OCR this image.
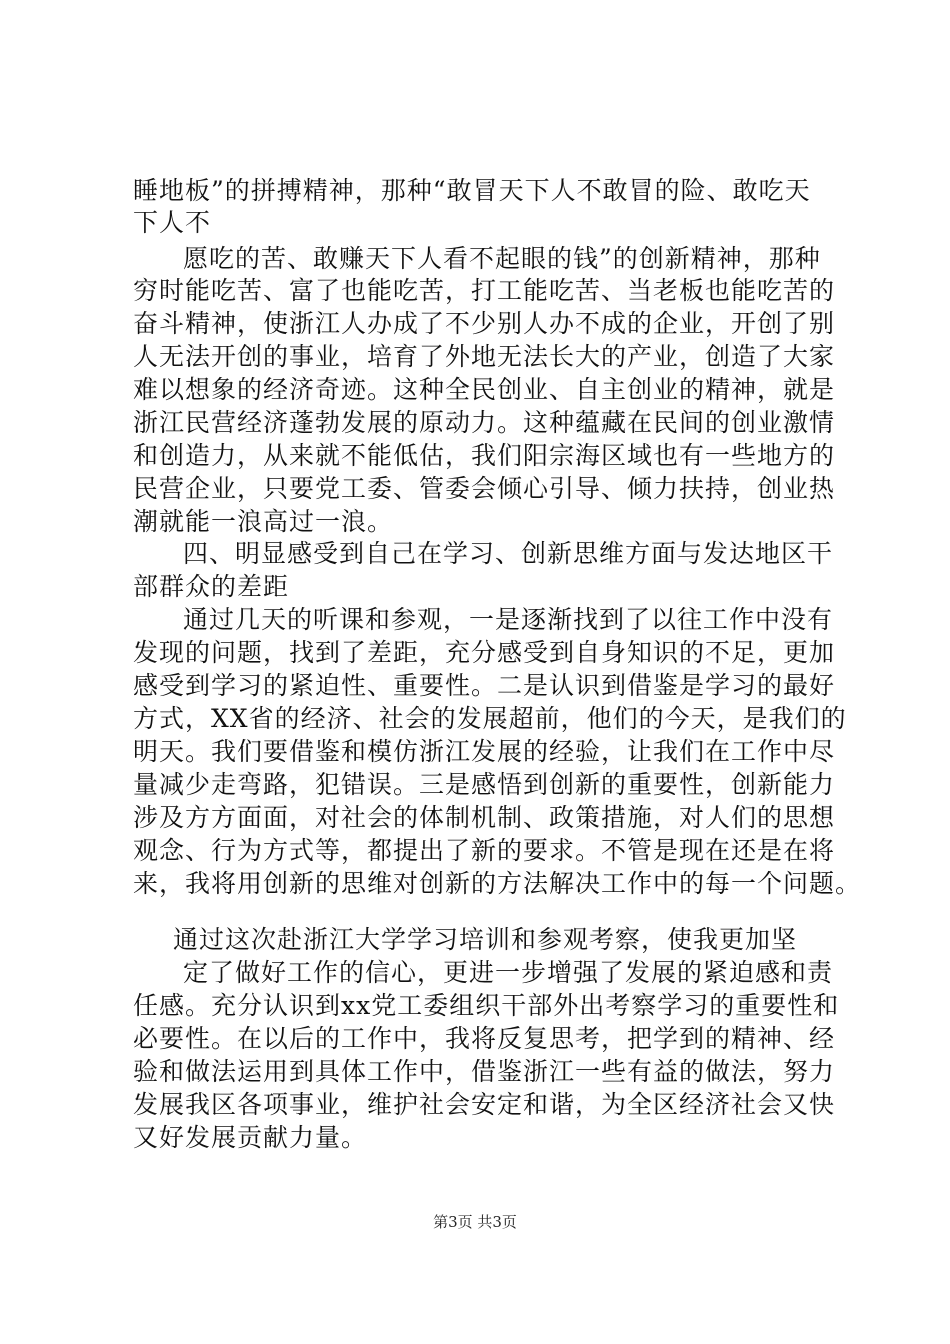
睡地板”的拼搏精神，那种“敢冒天下人不敢冒的险、敢吃天
下人不
愿吃的苦、敢赚天下人看不起眼的钱”的创新精神，那种
穷时能吃苦、富了也能吃苦，打工能吃苦、当老板也能吃苦的
奋斗精神，使浙江人办成了不少别人办不成的企业，开创了别
人无法开创的事业，培育了外地无法长大的产业，创造了大家
难以想象的经济奇迹。这种全民创业、自主创业的精神，就是
浙江民营经济蓬勃发展的原动力。这种蕴藏在民间的创业激情
和创造力，从来就不能低估，我们阳宗海区域也有一些地方的
民营企业，只要党工委、管委会倾心引导、倾力扶持，创业热
潮就能一浪高过一浪。
四、明显感受到自己在学习、创新思维方面与发达地区干
部群众的差距
通过几天的听课和参观，一是逐渐找到了以往工作中没有
发现的问题，找到了差距，充分感受到自身知识的不足，更加
感受到学习的紧迫性、重要性。二是认识到借鉴是学习的最好
方式，XX省的经济、社会的发展超前，他们的今天，是我们的
明天。我们要借鉴和模仿浙江发展的经验，让我们在工作中尽
量减少走弯路，犯错误。三是感悟到创新的重要性，创新能力
涉及方方面面，对社会的体制机制、政策措施，对人们的思想
观念、行为方式等，都提出了新的要求。不管是现在还是在将
来，我将用创新的思维对创新的方法解决工作中的每一个问题。
通过这次赴浙江大学学习培训和参观考察，使我更加坚
定了做好工作的信心，更进一步增强了发展的紧迫感和责
任感。充分认识到xx党工委组织干部外出考察学习的重要性和
必要性。在以后的工作中，我将反复思考，把学到的精神、经
验和做法运用到具体工作中，借鉴浙江一些有益的做法，努力
发展我区各项事业，维护社会安定和谐，为全区经济社会又快
又好发展贡献力量。
第3页 共3页
